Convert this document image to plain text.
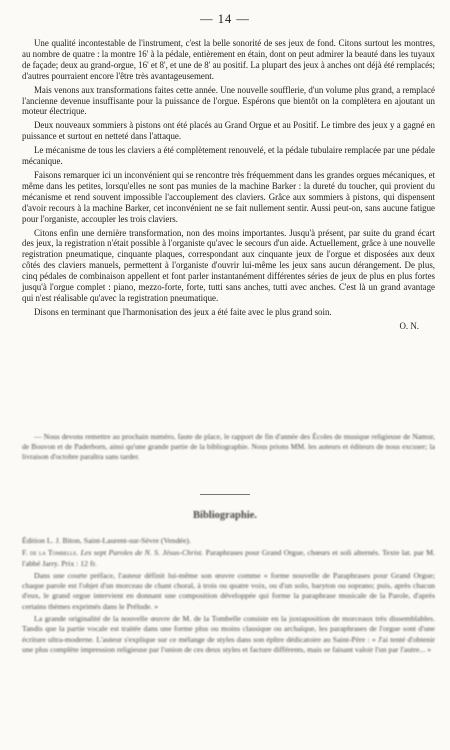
— 14 —

Une qualité incontestable de l'instrument, c'est la belle sonorité de ses jeux de fond. Citons surtout les montres, au nombre de quatre : la montre 16' à la pédale, entièrement en étain, dont on peut admirer la beauté dans les tuyaux de façade; deux au grand-orgue, 16' et 8', et une de 8' au positif. La plupart des jeux à anches ont déjà été remplacés; d'autres pourraient encore l'être très avantageusement.

Mais venons aux transformations faites cette année. Une nouvelle soufflerie, d'un volume plus grand, a remplacé l'ancienne devenue insuffisante pour la puissance de l'orgue. Espérons que bientôt on la complètera en ajoutant un moteur électrique.

Deux nouveaux sommiers à pistons ont été placés au Grand Orgue et au Positif. Le timbre des jeux y a gagné en puissance et surtout en netteté dans l'attaque.

Le mécanisme de tous les claviers a été complètement renouvelé, et la pédale tubulaire remplacée par une pédale mécanique.

Faisons remarquer ici un inconvénient qui se rencontre très fréquemment dans les grandes orgues mécaniques, et même dans les petites, lorsqu'elles ne sont pas munies de la machine Barker : la dureté du toucher, qui provient du mécanisme et rend souvent impossible l'accouplement des claviers. Grâce aux sommiers à pistons, qui dispensent d'avoir recours à la machine Barker, cet inconvénient ne se fait nullement sentir. Aussi peut-on, sans aucune fatigue pour l'organiste, accoupler les trois claviers.

Citons enfin une dernière transformation, non des moins importantes. Jusqu'à présent, par suite du grand écart des jeux, la registration n'était possible à l'organiste qu'avec le secours d'un aide. Actuellement, grâce à une nouvelle registration pneumatique, cinquante plaques, correspondant aux cinquante jeux de l'orgue et disposées aux deux côtés des claviers manuels, permettent à l'organiste d'ouvrir lui-même les jeux sans aucun dérangement. De plus, cinq pédales de combinaison appellent et font parler instantanément différentes séries de jeux de plus en plus fortes jusqu'à l'orgue complet : piano, mezzo-forte, forte, tutti sans anches, tutti avec anches. C'est là un grand avantage qui n'est réalisable qu'avec la registration pneumatique.

Disons en terminant que l'harmonisation des jeux a été faite avec le plus grand soin.

O. N.

— Nous devons remettre au prochain numéro, faute de place, le rapport de fin d'année des Écoles de musique religieuse de Namur, de Bouvon et de Paderborn, ainsi qu'une grande partie de la bibliographie. Nous prions MM. les auteurs et éditeurs de nous excuser; la livraison d'octobre paraîtra sans tarder.

Bibliographie.

Édition L. J. Biton, Saint-Laurent-sur-Sèvre (Vendée).

F. de la Tombelle. Les sept Paroles de N. S. Jésus-Christ. Paraphrases pour Grand Orgue, chœurs et soli alternés. Texte lat. par M. l'abbé Jarry. Prix : 12 fr.

Dans une courte préface, l'auteur définit lui-même son œuvre comme « forme nouvelle de Paraphrases pour Grand Orgue; chaque parole est l'objet d'un morceau de chant choral, à trois ou quatre voix, ou d'un solo, baryton ou soprano; puis, après chacun d'eux, le grand orgue intervient en donnant une composition développée qui forme la paraphrase musicale de la Parole, d'après certains thèmes exprimés dans le Prélude. »

La grande originalité de la nouvelle œuvre de M. de la Tombelle consiste en la juxtaposition de morceaux très dissemblables. Tandis que la partie vocale est traitée dans une forme plus ou moins classique ou archaïque, les paraphrases de l'orgue sont d'une écriture ultra-moderne. L'auteur s'explique sur ce mélange de styles dans son épître dédicatoire au Saint-Père : « J'ai tenté d'obtenir une plus complète impression religieuse par l'union de ces deux styles et facture différents, mais se faisant valoir l'un par l'autre... »
